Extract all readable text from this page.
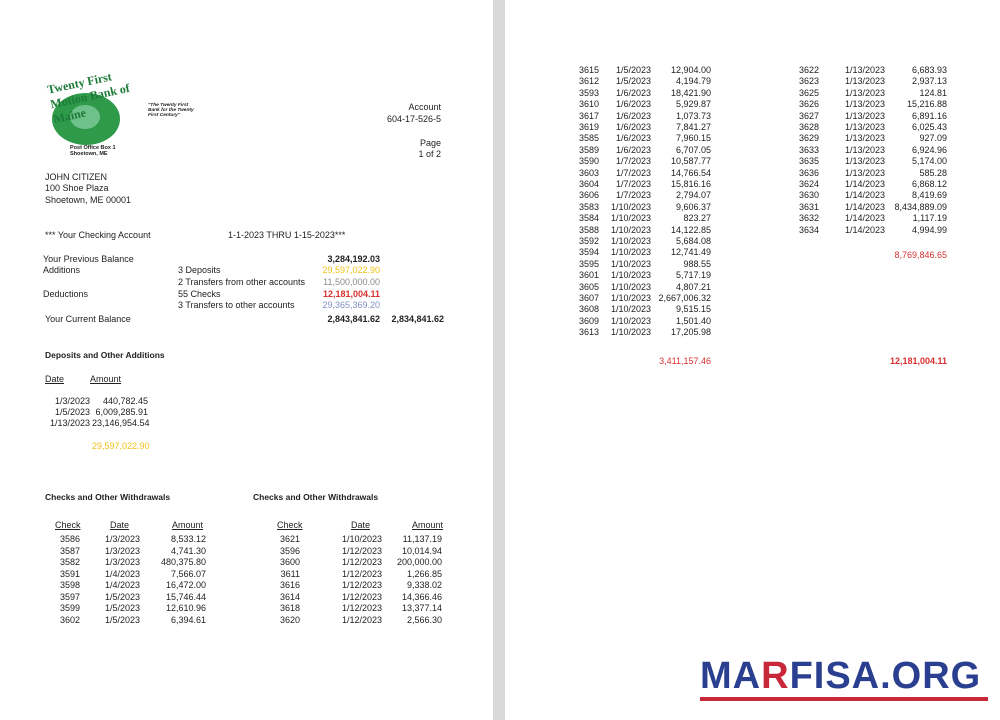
Twenty First Motion Bank of Maine
"The Twenty First Bank for the Twenty First Century"
Post Office Box 1
Shoetown, ME
Account
604-17-526-5
Page
1 of 2
JOHN CITIZEN
100 Shoe Plaza
Shoetown, ME 00001
*** Your Checking Account	1-1-2023 THRU 1-15-2023***
Your Previous Balance	3,284,192.03
Additions	3 Deposits	29,597,022.90
2 Transfers from other accounts	11,500,000.00
Deductions	55 Checks	12,181,004.11
3 Transfers to other accounts	29,365,369.20
Your Current Balance	2,843,841.62	2,834,841.62
Deposits and Other Additions
Date	Amount
1/3/2023	440,782.45
1/5/2023 6,009,285.91
1/13/2023 23,146,954.54
29,597,022.90
Checks and Other Withdrawals	Checks and Other Withdrawals
Check	Date	Amount	Check	Date	Amount
3586	1/3/2023	8,533.12
3587	1/3/2023	4,741.30
3582	1/3/2023	480,375.80
3591	1/4/2023	7,566.07
3598	1/4/2023	16,472.00
3597	1/5/2023	15,746.44
3599	1/5/2023	12,610.96
3602	1/5/2023	6,394.61
3621	1/10/2023	11,137.19
3596	1/12/2023	10,014.94
3600	1/12/2023	200,000.00
3611	1/12/2023	1,266.85
3616	1/12/2023	9,338.02
3614	1/12/2023	14,366.46
3618	1/12/2023	13,377.14
3620	1/12/2023	2,566.30
3615	1/5/2023	12,904.00
3612	1/5/2023	4,194.79
3593	1/6/2023	18,421.90
3610	1/6/2023	5,929.87
3617	1/6/2023	1,073.73
3619	1/6/2023	7,841.27
3585	1/6/2023	7,960.15
3589	1/6/2023	6,707.05
3590	1/7/2023	10,587.77
3603	1/7/2023	14,766.54
3604	1/7/2023	15,816.16
3606	1/7/2023	2,794.07
3583	1/10/2023	9,606.37
3584	1/10/2023	823.27
3588	1/10/2023	14,122.85
3592	1/10/2023	5,684.08
3594	1/10/2023	12,741.49
3595	1/10/2023	988.55
3601	1/10/2023	5,717.19
3605	1/10/2023	4,807.21
3607	1/10/2023 2,667,006.32
3608	1/10/2023	9,515.15
3609	1/10/2023	1,501.40
3613	1/10/2023	17,205.98
3,411,157.46
3622	1/13/2023	6,683.93
3623	1/13/2023	2,937.13
3625	1/13/2023	124.81
3626	1/13/2023	15,216.88
3627	1/13/2023	6,891.16
3628	1/13/2023	6,025.43
3629	1/13/2023	927.09
3633	1/13/2023	6,924.96
3635	1/13/2023	5,174.00
3636	1/13/2023	585.28
3624	1/14/2023	6,868.12
3630	1/14/2023	8,419.69
3631	1/14/2023	8,434,889.09
3632	1/14/2023	1,117.19
3634	1/14/2023	4,994.99
8,769,846.65
12,181,004.11
MARFISA.ORG
